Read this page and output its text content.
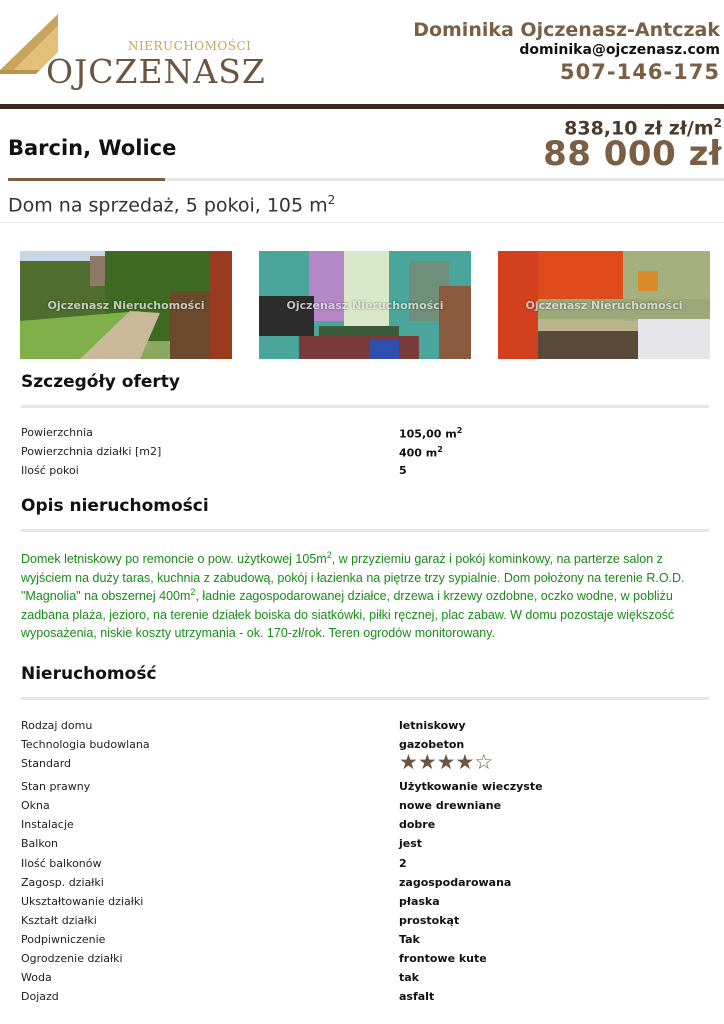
NIERUCHOMOŚCI
OJCZENASZ
Dominika Ojczenasz-Antczak
dominika@ojczenasz.com
507-146-175
Barcin, Wolice
838,10 zł $zł/m^2$
88 000 zł
Dom na sprzedaż, 5 pokoi, 105 $m^2$
Ojczenasz Nieruchomości	Ojczenasz Nieruchomości	Ojczenasz Nieruchomości
Szczegóły oferty
Powierzchnia	105,00 $m^2$
Powierzchnia działki [m2]	400 $m^2$
Ilość pokoi	5
Opis nieruchomości

Domek letniskowy po remoncie o pow. użytkowej $105m^2$, w przyziemiu garaż i pokój kominkowy, na parterze salon z wyjściem na duży taras, kuchnia z zabudową, pokój i łazienka na piętrze trzy sypialnie. Dom położony na terenie R.O.D. "Magnolia" na obszernej $400m^2$, ładnie zagospodarowanej działce, drzewa i krzewy ozdobne, oczko wodne, w pobliżu zadbana plaża, jezioro, na terenie działek boiska do siatkówki, piłki ręcznej, plac zabaw. W domu pozostaje większość wyposażenia, niskie koszty utrzymania - ok. 170-zł/rok. Teren ogrodów monitorowany.

Nieruchomość
Rodzaj domu	letniskowy
Technologia budowlana	gazobeton
Standard	★★★★☆
Stan prawny	Użytkowanie wieczyste
Okna	nowe drewniane
Instalacje	dobre
Balkon	jest
Ilość balkonów	2
Zagosp. działki	zagospodarowana
Ukształtowanie działki	płaska
Kształt działki	prostokąt
Podpiwniczenie	Tak
Ogrodzenie działki	frontowe kute
Woda	tak
Dojazd	asfalt
